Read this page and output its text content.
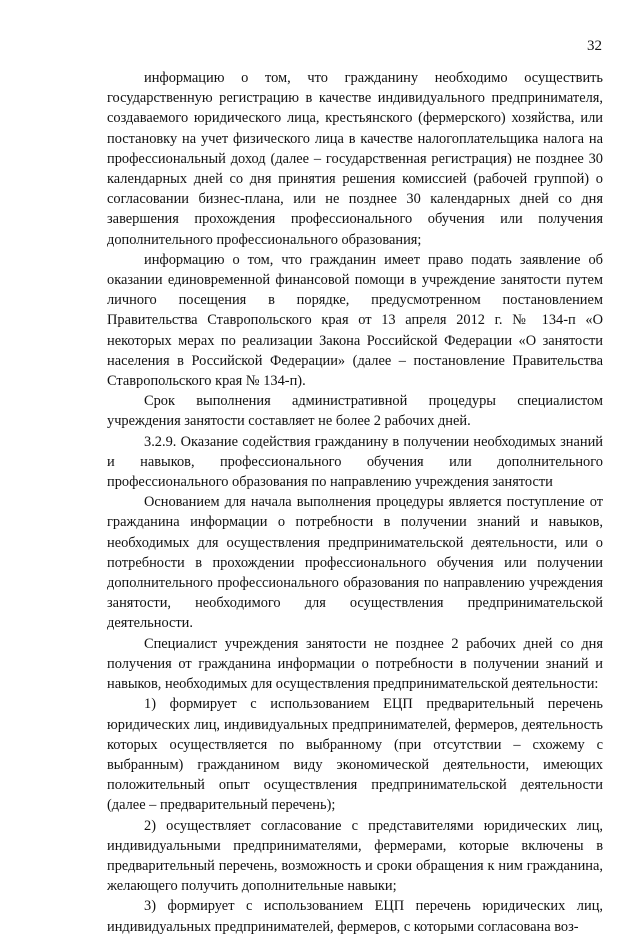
32

информацию о том, что гражданину необходимо осуществить государственную регистрацию в качестве индивидуального предпринимателя, создаваемого юридического лица, крестьянского (фермерского) хозяйства, или постановку на учет физического лица в качестве налогоплательщика налога на профессиональный доход (далее – государственная регистрация) не позднее 30 календарных дней со дня принятия решения комиссией (рабочей группой) о согласовании бизнес-плана, или не позднее 30 календарных дней со дня завершения прохождения профессионального обучения или получения дополнительного профессионального образования;

информацию о том, что гражданин имеет право подать заявление об оказании единовременной финансовой помощи в учреждение занятости путем личного посещения в порядке, предусмотренном постановлением Правительства Ставропольского края от 13 апреля 2012 г. № 134-п «О некоторых мерах по реализации Закона Российской Федерации «О занятости населения в Российской Федерации» (далее – постановление Правительства Ставропольского края № 134-п).

Срок выполнения административной процедуры специалистом учреждения занятости составляет не более 2 рабочих дней.

3.2.9. Оказание содействия гражданину в получении необходимых знаний и навыков, профессионального обучения или дополнительного профессионального образования по направлению учреждения занятости

Основанием для начала выполнения процедуры является поступление от гражданина информации о потребности в получении знаний и навыков, необходимых для осуществления предпринимательской деятельности, или о потребности в прохождении профессионального обучения или получении дополнительного профессионального образования по направлению учреждения занятости, необходимого для осуществления предпринимательской деятельности.

Специалист учреждения занятости не позднее 2 рабочих дней со дня получения от гражданина информации о потребности в получении знаний и навыков, необходимых для осуществления предпринимательской деятельности:

1) формирует с использованием ЕЦП предварительный перечень юридических лиц, индивидуальных предпринимателей, фермеров, деятельность которых осуществляется по выбранному (при отсутствии – схожему с выбранным) гражданином виду экономической деятельности, имеющих положительный опыт осуществления предпринимательской деятельности (далее – предварительный перечень);

2) осуществляет согласование с представителями юридических лиц, индивидуальными предпринимателями, фермерами, которые включены в предварительный перечень, возможность и сроки обращения к ним гражданина, желающего получить дополнительные навыки;

3) формирует с использованием ЕЦП перечень юридических лиц, индивидуальных предпринимателей, фермеров, с которыми согласована воз-
